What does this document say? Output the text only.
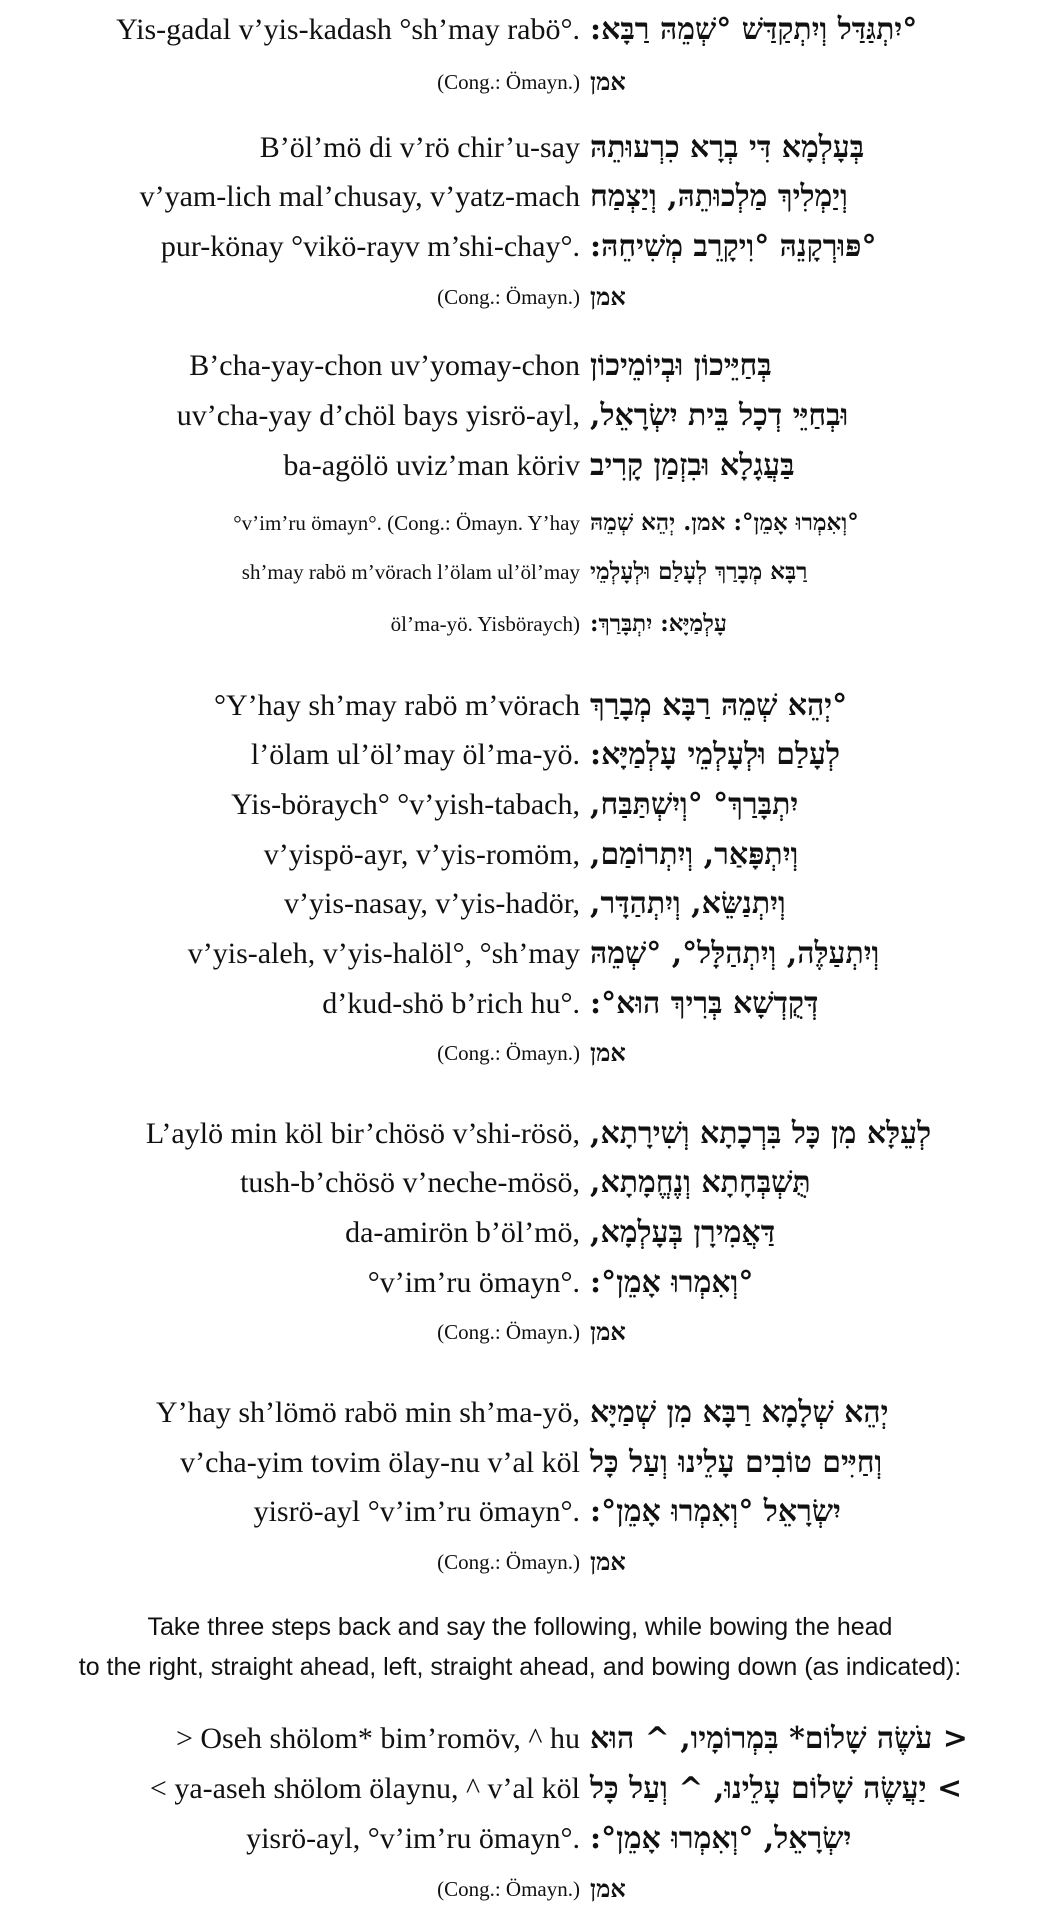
Yis-gadal v’yis-kadash °sh’may rabö°. °יִתְגַּדַּל וְיִתְקַדַּשׁ °שְׁמֵהּ רַבָּא:
(Cong.: Ömayn.) אמן
B’öl’mö di v’rö chir’u-say בְּעָלְמָא דִּי בְרָא כִרְעוּתֵהּ
v’yam-lich mal’chusay, v’yatz-mach וְיַמְלִיךְ מַלְכוּתֵהּ, וְיַצְמַח
pur-könay °vikö-rayv m’shi-chay°. °פּוּרְקָנֵהּ °וִיקָרֵב מְשִׁיחֵהּ:
(Cong.: Ömayn.) אמן
B’cha-yay-chon uv’yomay-chon בְּחַיֵּיכוֹן וּבְיוֹמֵיכוֹן
uv’cha-yay d’chöl bays yisrö-ayl, וּבְחַיֵּי דְכָל בֵּית יִשְׂרָאֵל,
ba-agölö uviz’man köriv בַּעֲגָלָא וּבִזְמַן קָרִיב
°v’im’ru ömayn°. (Cong.: Ömayn. Y’hay °וְאִמְרוּ אָמֵן°: אמן. יְהֵא שְׁמֵהּ
sh’may rabö m’vörach l’ölam ul’öl’may רַבָּא מְבָרַךְ לְעָלַם וּלְעָלְמֵי
öl’ma-yö. Yisböraych) עָלְמַיָּא: יִתְבָּרַךְ:
°Y’hay sh’may rabö m’vörach °יְהֵא שְׁמֵהּ רַבָּא מְבָרַךְ
l’ölam ul’öl’may öl’ma-yö. לְעָלַם וּלְעָלְמֵי עָלְמַיָּא:
Yis-böraych° °v’yish-tabach, יִתְבָּרַךְ° °וְיִשְׁתַּבַּח,
v’yispö-ayr, v’yis-romöm, וְיִתְפָּאַר, וְיִתְרוֹמַם,
v’yis-nasay, v’yis-hadör, וְיִתְנַשֵּׂא, וְיִתְהַדָּר,
v’yis-aleh, v’yis-halöl°, °sh’may וְיִתְעַלֶּה, וְיִתְהַלָּל°, °שְׁמֵהּ
d’kud-shö b’rich hu°. דְּקֻדְשָׁא בְּרִיךְ הוּא°:
(Cong.: Ömayn.) אמן
L’aylö min köl bir’chösö v’shi-rösö, לְעֵלָּא מִן כָּל בִּרְכָתָא וְשִׁירָתָא,
tush-b’chösö v’neche-mösö, תֻּשְׁבְּחָתָא וְנֶחֱמָתָא,
da-amirön b’öl’mö, דַּאֲמִירָן בְּעָלְמָא,
°v’im’ru ömayn°. °וְאִמְרוּ אָמֵן°:
(Cong.: Ömayn.) אמן
Y’hay sh’lömö rabö min sh’ma-yö, יְהֵא שְׁלָמָא רַבָּא מִן שְׁמַיָּא
v’cha-yim tovim ölay-nu v’al köl וְחַיִּים טוֹבִים עָלֵינוּ וְעַל כָּל
yisrö-ayl °v’im’ru ömayn°. יִשְׂרָאֵל °וְאִמְרוּ אָמֵן°:
(Cong.: Ömayn.) אמן
Take three steps back and say the following, while bowing the head
to the right, straight ahead, left, straight ahead, and bowing down (as indicated):
> Oseh shölom* bim’romöv, ^ hu < עֹשֶׂה שָׁלוֹם* בִּמְרוֹמָיו, ^ הוּא
< ya-aseh shölom ölaynu, ^ v’al köl > יַעֲשֶׂה שָׁלוֹם עָלֵינוּ, ^ וְעַל כָּל
yisrö-ayl, °v’im’ru ömayn°. יִשְׂרָאֵל, °וְאִמְרוּ אָמֵן°:
(Cong.: Ömayn.) אמן
